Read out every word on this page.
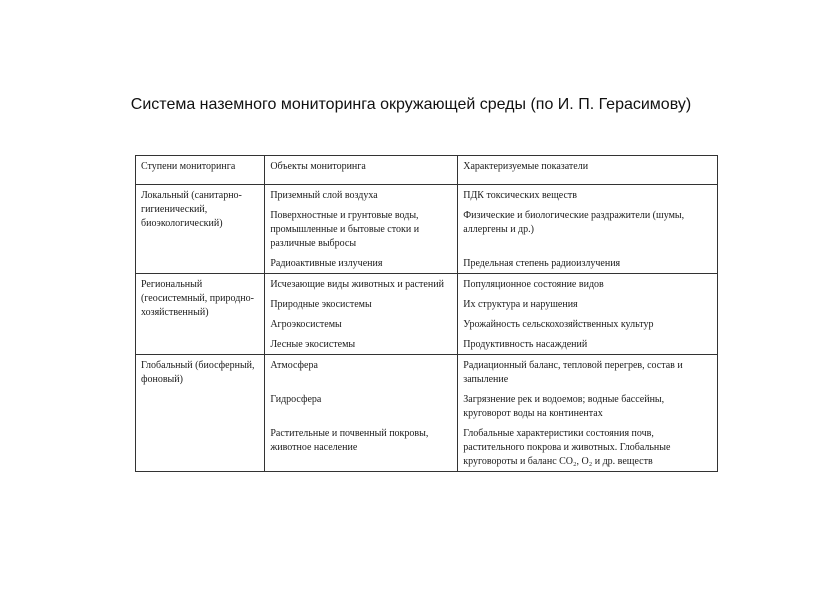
Система наземного мониторинга окружающей среды (по И. П. Герасимову)
Ступени мониторинга	Объекты мониторинга	Характеризуемые показатели
Локальный (санитарно-гигиенический, биоэкологический)	Приземный слой воздуха	ПДК токсических веществ
	Поверхностные и грунтовые воды, промышленные и бытовые стоки и различные выбросы	Физические и биологические раздражители (шумы, аллергены и др.)
	Радиоактивные излучения	Предельная степень радиоизлучения
Региональный (геосистемный, природно-хозяйственный)	Исчезающие виды животных и растений	Популяционное состояние видов
	Природные экосистемы	Их структура и нарушения
	Агроэкосистемы	Урожайность сельскохозяйственных культур
	Лесные экосистемы	Продуктивность насаждений
Глобальный (биосферный, фоновый)	Атмосфера	Радиационный баланс, тепловой перегрев, состав и запыление
	Гидросфера	Загрязнение рек и водоемов; водные бассейны, круговорот воды на континентах
	Растительные и почвенный покровы, животное население	Глобальные характеристики состояния почв, растительного покрова и животных. Глобальные круговороты и баланс CO₂, O₂ и др. веществ
